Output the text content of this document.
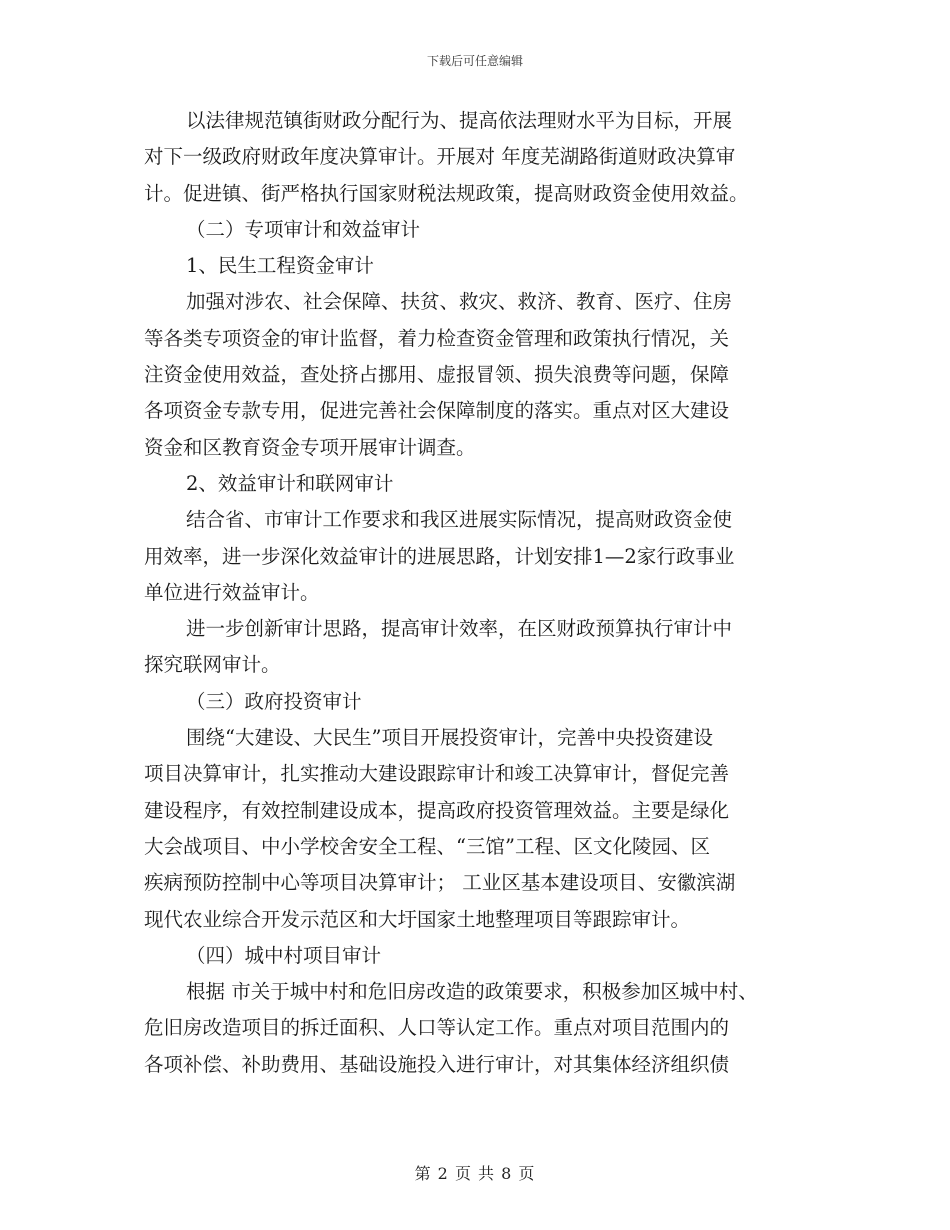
下载后可任意编辑
以法律规范镇街财政分配行为、提高依法理财水平为目标，开展
对下一级政府财政年度决算审计。开展对 年度芜湖路街道财政决算审
计。促进镇、街严格执行国家财税法规政策，提高财政资金使用效益。
（二）专项审计和效益审计
1、民生工程资金审计
加强对涉农、社会保障、扶贫、救灾、救济、教育、医疗、住房
等各类专项资金的审计监督，着力检查资金管理和政策执行情况，关
注资金使用效益，查处挤占挪用、虚报冒领、损失浪费等问题，保障
各项资金专款专用，促进完善社会保障制度的落实。重点对区大建设
资金和区教育资金专项开展审计调查。
2、效益审计和联网审计
结合省、市审计工作要求和我区进展实际情况，提高财政资金使
用效率，进一步深化效益审计的进展思路，计划安排1—2家行政事业
单位进行效益审计。
进一步创新审计思路，提高审计效率，在区财政预算执行审计中
探究联网审计。
（三）政府投资审计
围绕“大建设、大民生”项目开展投资审计，完善中央投资建设
项目决算审计，扎实推动大建设跟踪审计和竣工决算审计，督促完善
建设程序，有效控制建设成本，提高政府投资管理效益。主要是绿化
大会战项目、中小学校舍安全工程、“三馆”工程、区文化陵园、区
疾病预防控制中心等项目决算审计； 工业区基本建设项目、安徽滨湖
现代农业综合开发示范区和大圩国家土地整理项目等跟踪审计。
（四）城中村项目审计
根据 市关于城中村和危旧房改造的政策要求，积极参加区城中村、
危旧房改造项目的拆迁面积、人口等认定工作。重点对项目范围内的
各项补偿、补助费用、基础设施投入进行审计，对其集体经济组织债
第 2 页 共 8 页
